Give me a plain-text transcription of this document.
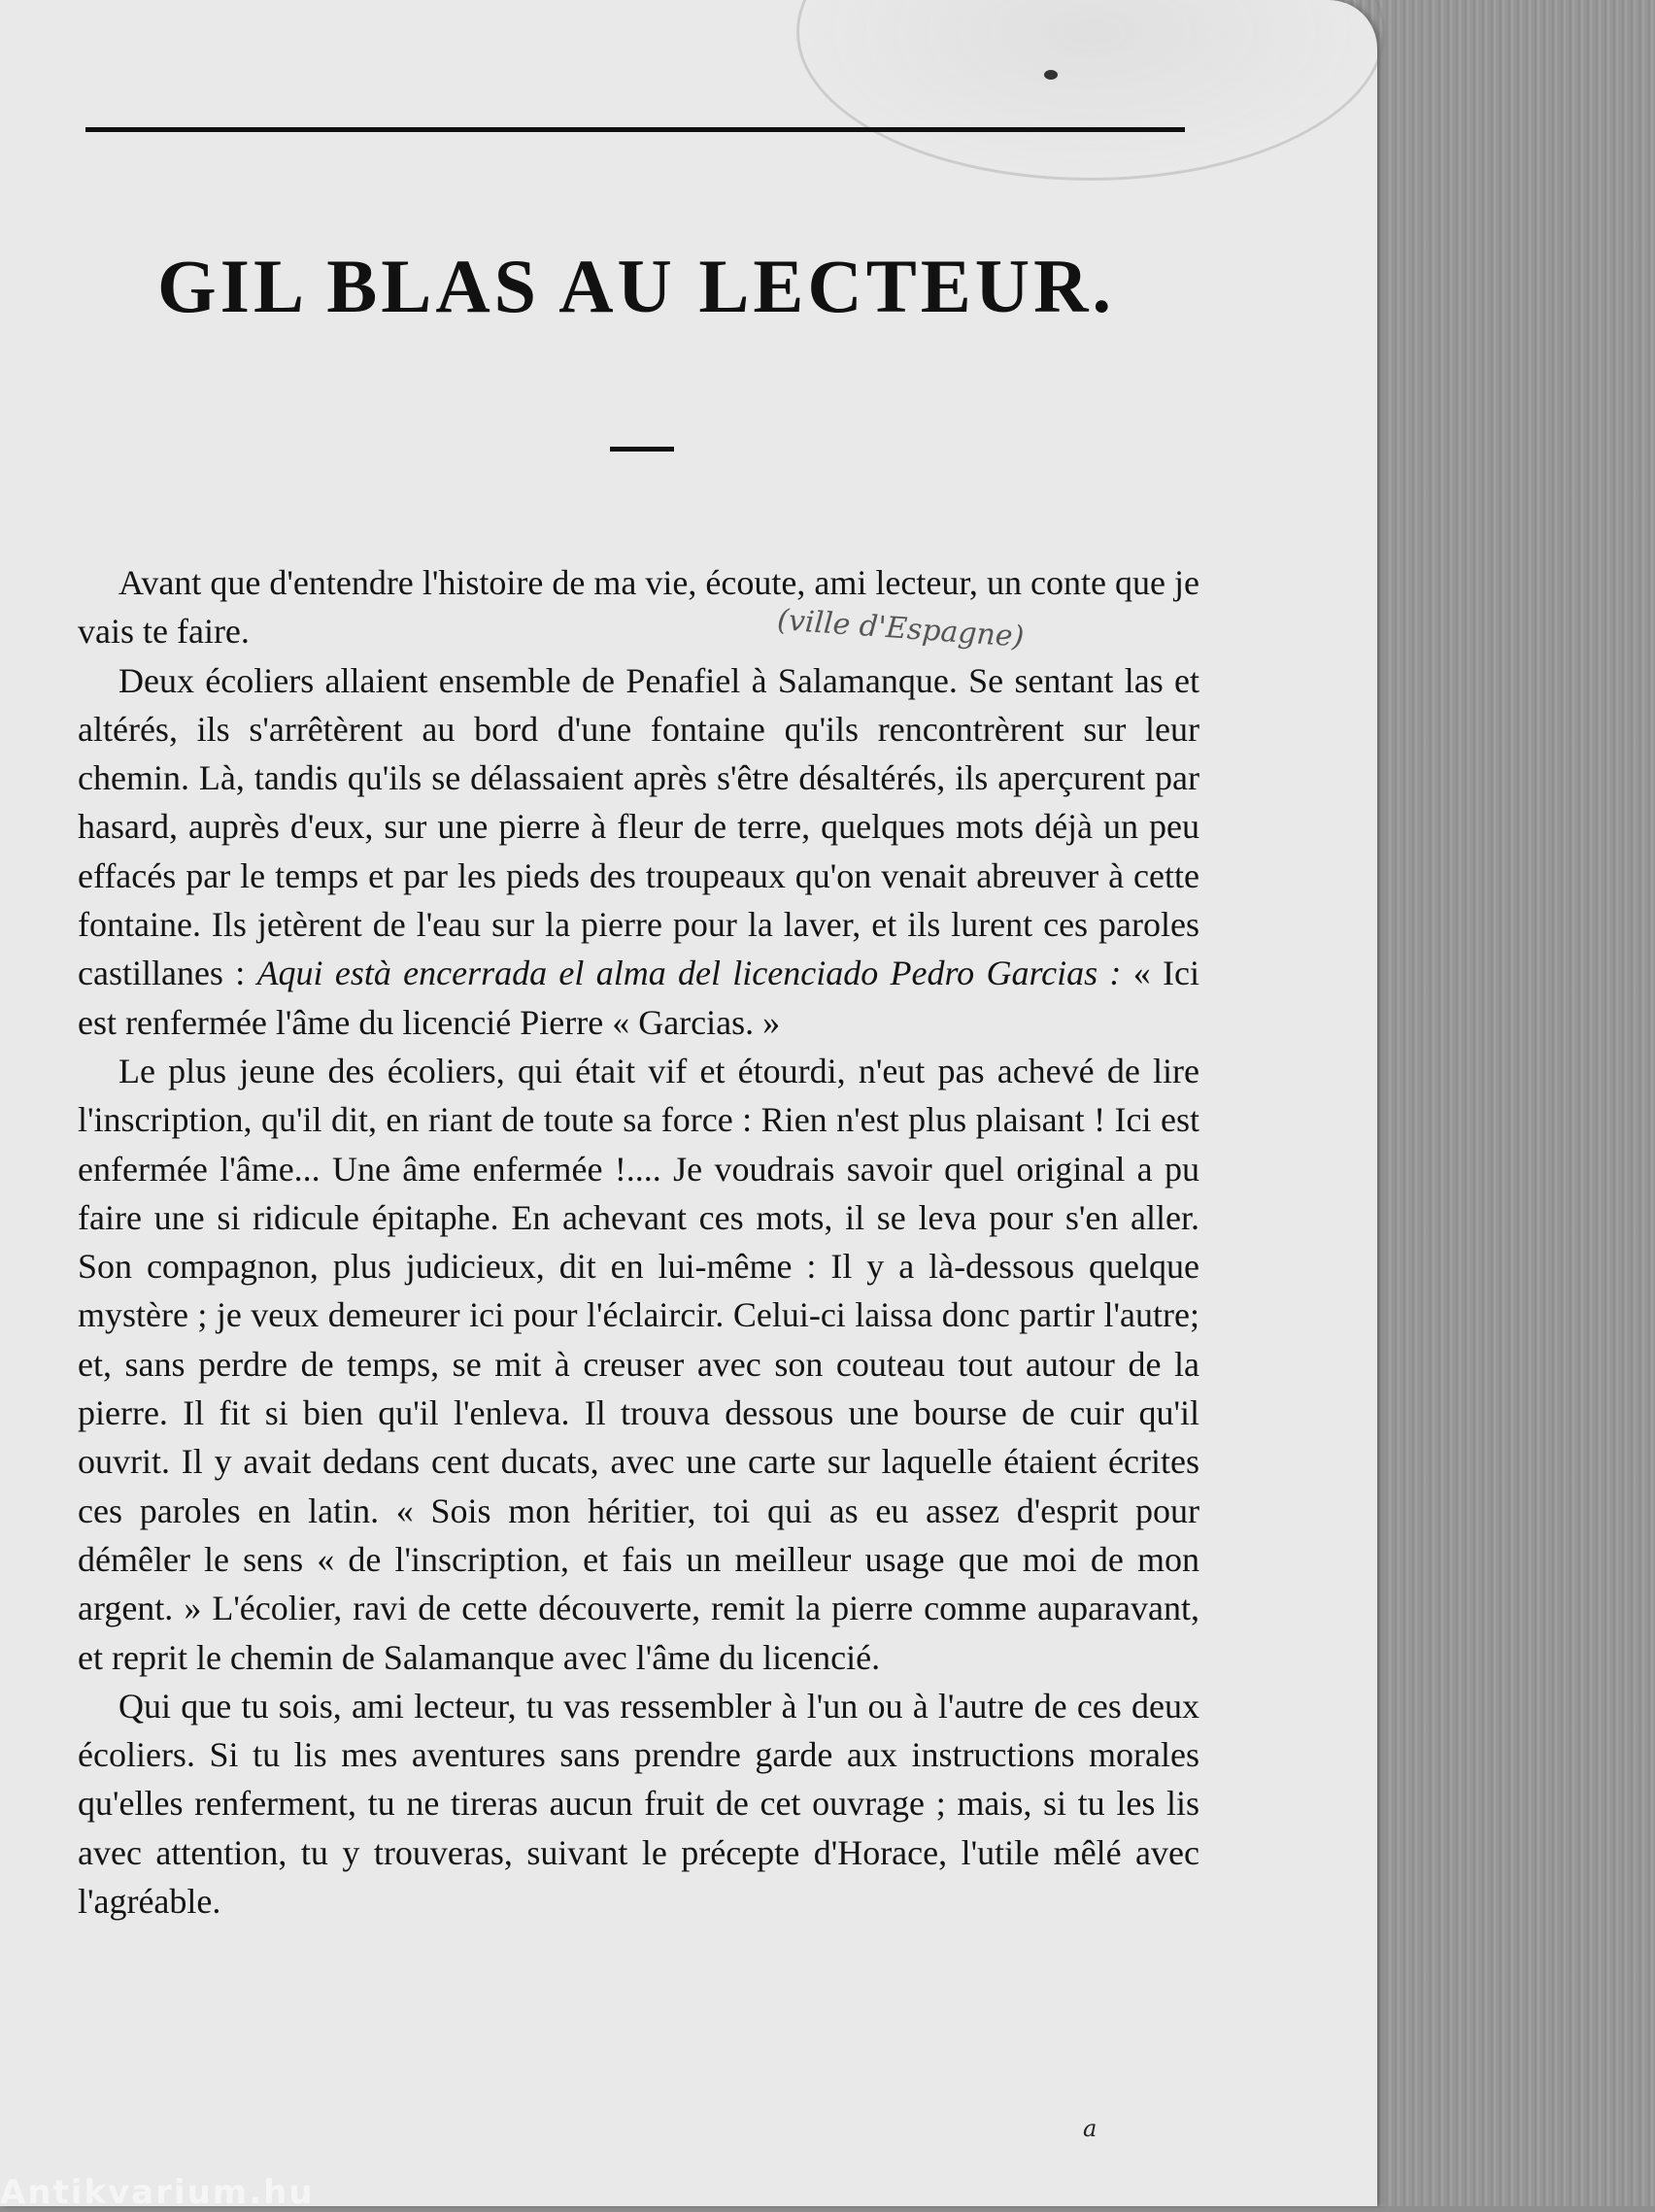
GIL BLAS AU LECTEUR.
(ville d'Espagne)

Avant que d'entendre l'histoire de ma vie, écoute, ami lecteur, un conte que je vais te faire.

Deux écoliers allaient ensemble de Penafiel à Salamanque. Se sentant las et altérés, ils s'arrêtèrent au bord d'une fontaine qu'ils rencontrèrent sur leur chemin. Là, tandis qu'ils se délassaient après s'être désaltérés, ils aperçurent par hasard, auprès d'eux, sur une pierre à fleur de terre, quelques mots déjà un peu effacés par le temps et par les pieds des troupeaux qu'on venait abreuver à cette fontaine. Ils jetèrent de l'eau sur la pierre pour la laver, et ils lurent ces paroles castillanes : Aqui està encerrada el alma del licenciado Pedro Garcias : « Ici est renfermée l'âme du licencié Pierre « Garcias. »

Le plus jeune des écoliers, qui était vif et étourdi, n'eut pas achevé de lire l'inscription, qu'il dit, en riant de toute sa force : Rien n'est plus plaisant ! Ici est enfermée l'âme... Une âme enfermée !.... Je voudrais savoir quel original a pu faire une si ridicule épitaphe. En achevant ces mots, il se leva pour s'en aller. Son compagnon, plus judicieux, dit en lui-même : Il y a là-dessous quelque mystère ; je veux demeurer ici pour l'éclaircir. Celui-ci laissa donc partir l'autre; et, sans perdre de temps, se mit à creuser avec son couteau tout autour de la pierre. Il fit si bien qu'il l'enleva. Il trouva dessous une bourse de cuir qu'il ouvrit. Il y avait dedans cent ducats, avec une carte sur laquelle étaient écrites ces paroles en latin. « Sois mon héritier, toi qui as eu assez d'esprit pour démêler le sens « de l'inscription, et fais un meilleur usage que moi de mon argent. » L'écolier, ravi de cette découverte, remit la pierre comme auparavant, et reprit le chemin de Salamanque avec l'âme du licencié.

Qui que tu sois, ami lecteur, tu vas ressembler à l'un ou à l'autre de ces deux écoliers. Si tu lis mes aventures sans prendre garde aux instructions morales qu'elles renferment, tu ne tireras aucun fruit de cet ouvrage ; mais, si tu les lis avec attention, tu y trouveras, suivant le précepte d'Horace, l'utile mêlé avec l'agréable.

a
Antikvarium.hu
